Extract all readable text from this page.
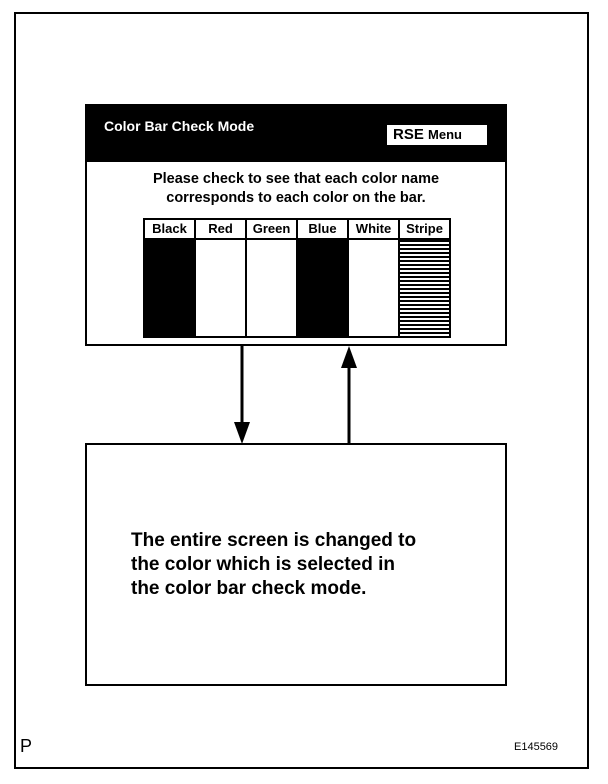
Color Bar Check Mode	RSE Menu
Please check to see that each color name
corresponds to each color on the bar.
Black	Red	Green	Blue	White	Stripe
The entire screen is changed to
the color which is selected in
the color bar check mode.
P	E145569
